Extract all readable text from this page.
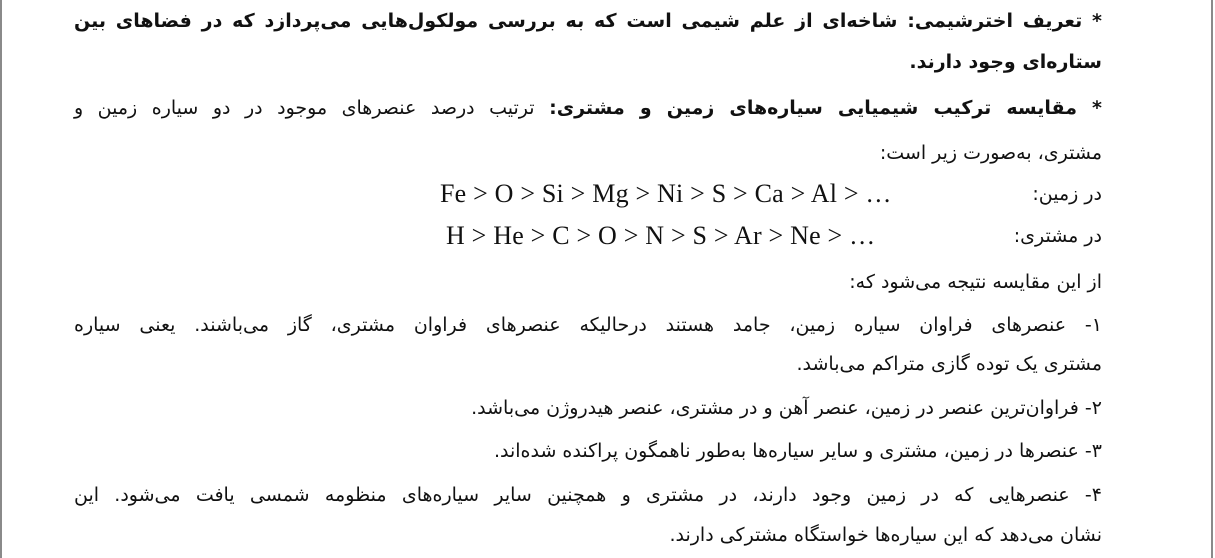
* تعریف اخترشیمی: شاخه‌ای از علم شیمی است که به بررسی مولکول‌هایی می‌پردازد که در فضاهای بین
ستاره‌ای وجود دارند.
* مقایسه ترکیب شیمیایی سیاره‌های زمین و مشتری: ترتیب درصد عنصرهای موجود در دو سیاره زمین و
مشتری، به‌صورت زیر است:
در زمین:
Fe > O > Si > Mg > Ni > S > Ca > Al > …
در مشتری:
H > He > C > O > N > S > Ar > Ne > …
از این مقایسه نتیجه می‌شود که:
۱- عنصرهای فراوان سیاره زمین، جامد هستند درحالیکه عنصرهای فراوان مشتری، گاز می‌باشند. یعنی سیاره
مشتری یک توده گازی متراکم می‌باشد.
۲- فراوان‌ترین عنصر در زمین، عنصر آهن و در مشتری، عنصر هیدروژن می‌باشد.
۳- عنصرها در زمین، مشتری و سایر سیاره‌ها به‌طور ناهمگون پراکنده شده‌اند.
۴- عنصرهایی که در زمین وجود دارند، در مشتری و همچنین سایر سیاره‌های منظومه شمسی یافت می‌شود. این
نشان می‌دهد که این سیاره‌ها خواستگاه مشترکی دارند.
